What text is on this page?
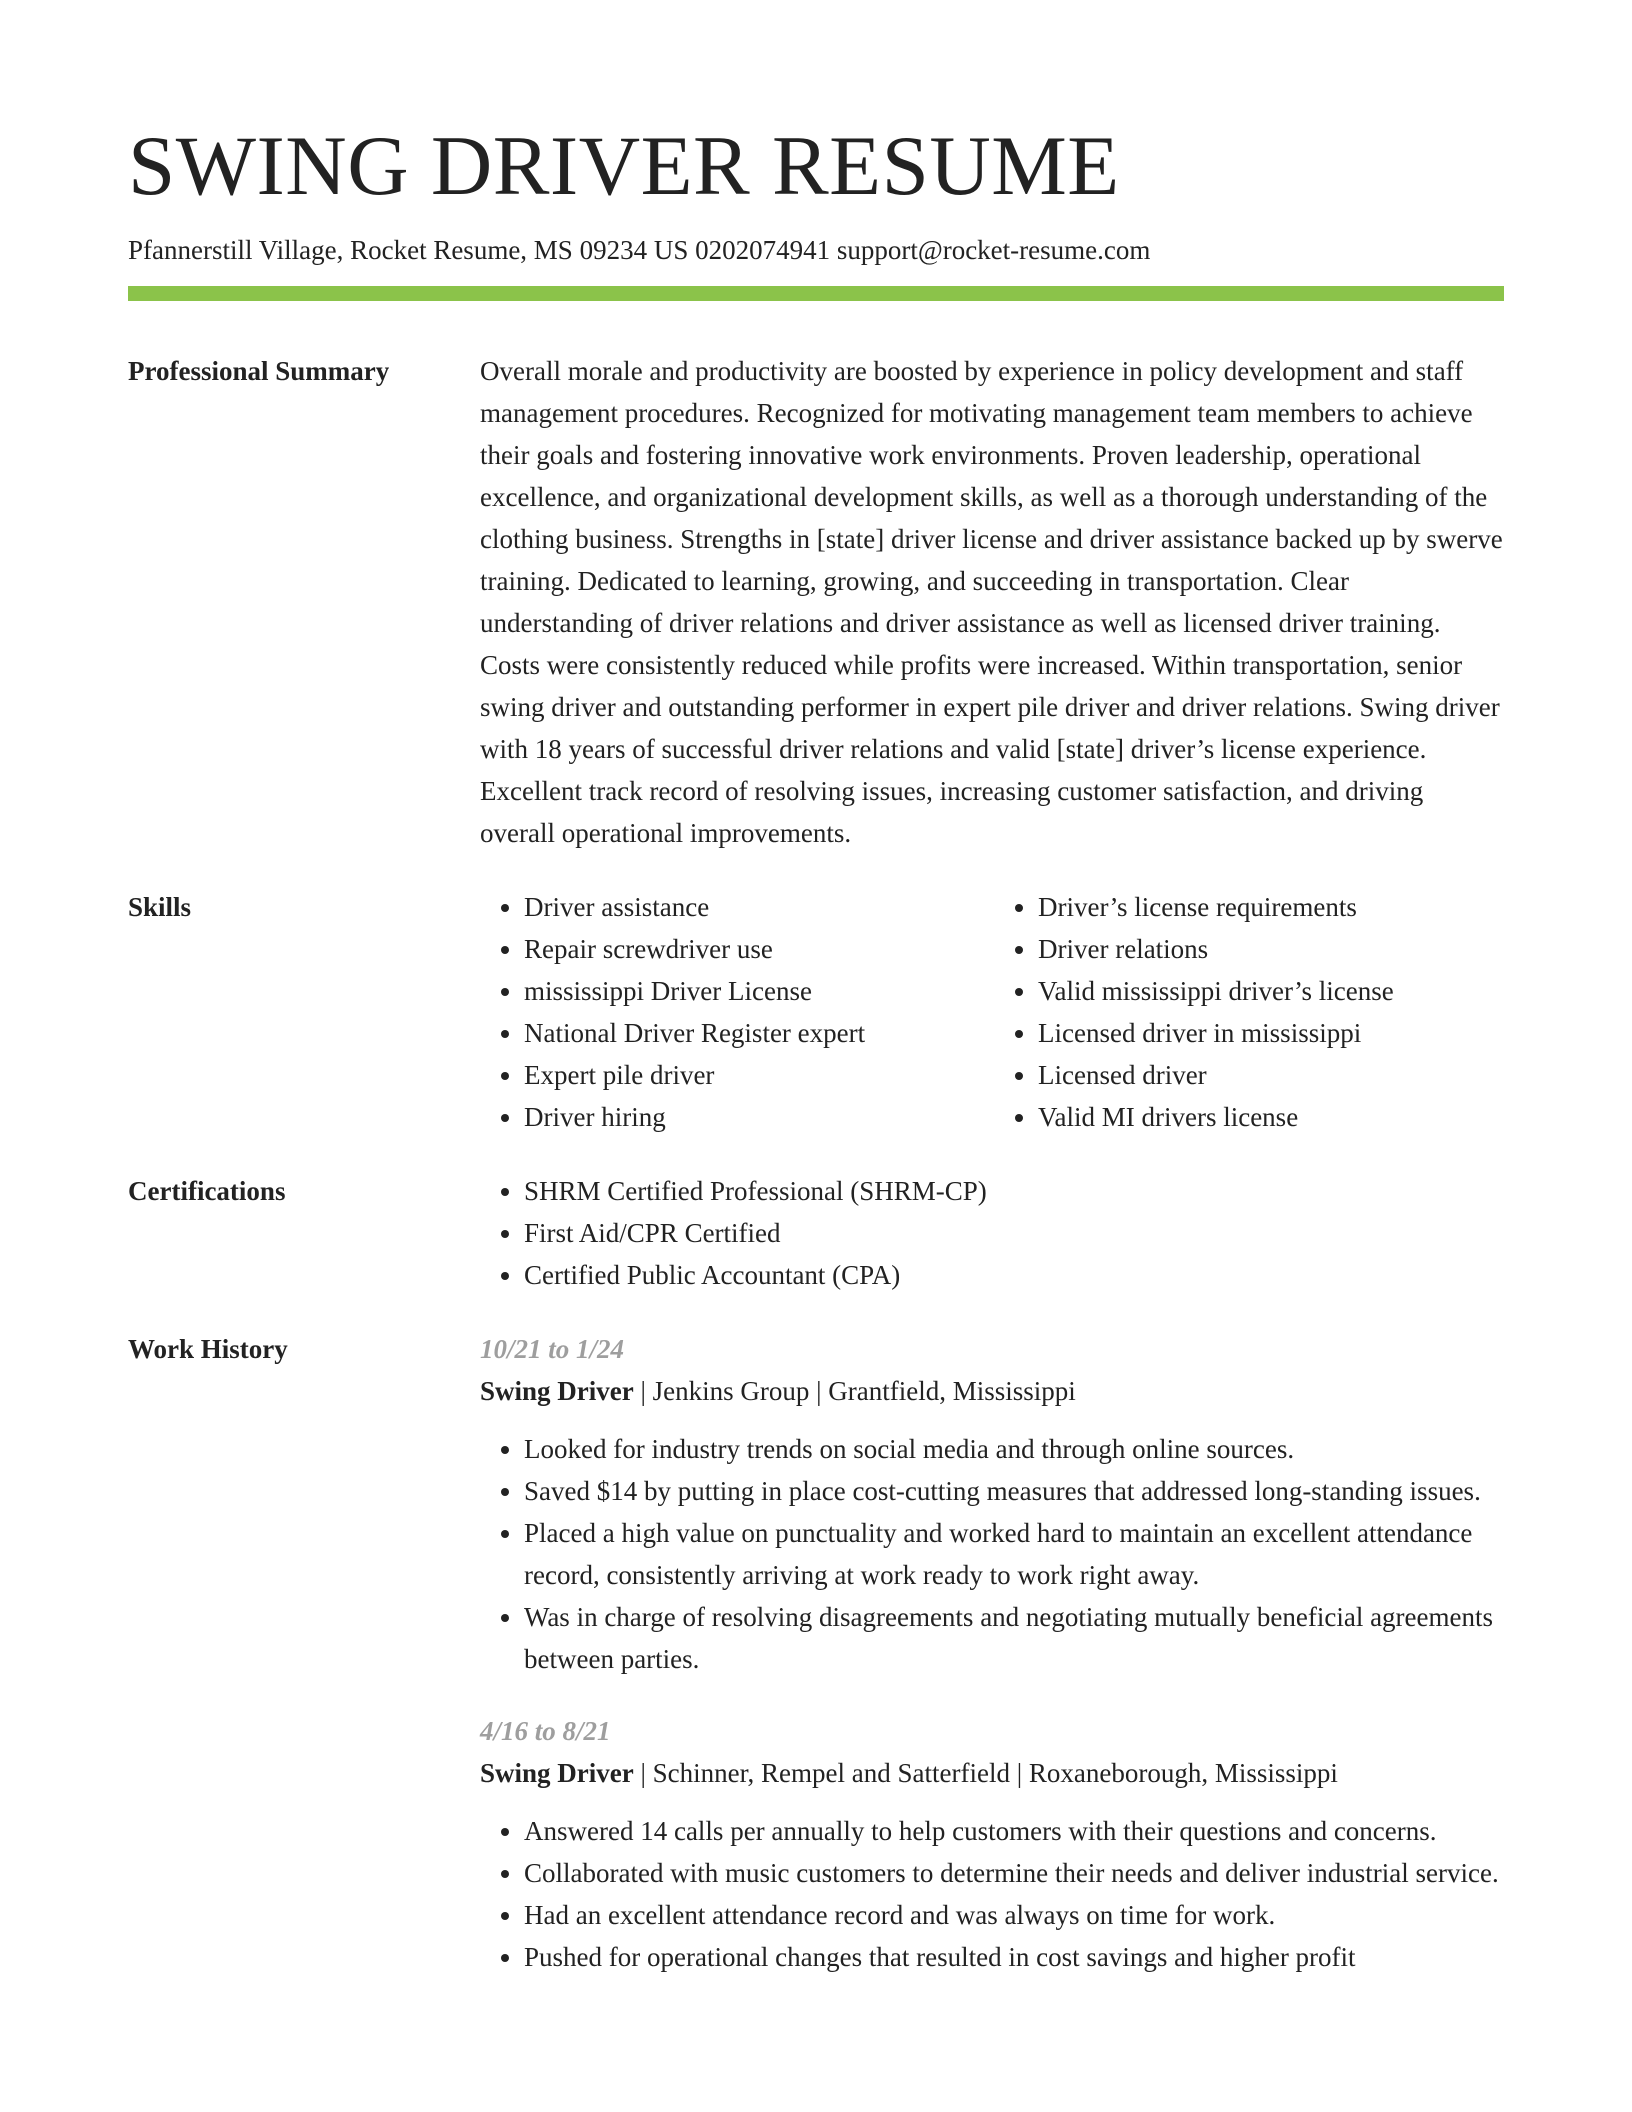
SWING DRIVER RESUME
Pfannerstill Village, Rocket Resume, MS 09234 US 0202074941 support@rocket-resume.com
Professional Summary	Overall morale and productivity are boosted by experience in policy development and staff management procedures. Recognized for motivating management team members to achieve their goals and fostering innovative work environments. Proven leadership, operational excellence, and organizational development skills, as well as a thorough understanding of the clothing business. Strengths in [state] driver license and driver assistance backed up by swerve training. Dedicated to learning, growing, and succeeding in transportation. Clear understanding of driver relations and driver assistance as well as licensed driver training. Costs were consistently reduced while profits were increased. Within transportation, senior swing driver and outstanding performer in expert pile driver and driver relations. Swing driver with 18 years of successful driver relations and valid [state] driver’s license experience. Excellent track record of resolving issues, increasing customer satisfaction, and driving overall operational improvements.

Skills	• Driver assistance
• Repair screwdriver use
• mississippi Driver License
• National Driver Register expert
• Expert pile driver
• Driver hiring
• Driver’s license requirements
• Driver relations
• Valid mississippi driver’s license
• Licensed driver in mississippi
• Licensed driver
• Valid MI drivers license
Certifications	• SHRM Certified Professional (SHRM-CP)
• First Aid/CPR Certified
• Certified Public Accountant (CPA)
Work History	10/21 to 1/24
Swing Driver | Jenkins Group | Grantfield, Mississippi
• Looked for industry trends on social media and through online sources.
• Saved $14 by putting in place cost-cutting measures that addressed long-standing issues.
• Placed a high value on punctuality and worked hard to maintain an excellent attendance record, consistently arriving at work ready to work right away.
• Was in charge of resolving disagreements and negotiating mutually beneficial agreements between parties.
4/16 to 8/21
Swing Driver | Schinner, Rempel and Satterfield | Roxaneborough, Mississippi
• Answered 14 calls per annually to help customers with their questions and concerns.
• Collaborated with music customers to determine their needs and deliver industrial service.
• Had an excellent attendance record and was always on time for work.
• Pushed for operational changes that resulted in cost savings and higher profit
